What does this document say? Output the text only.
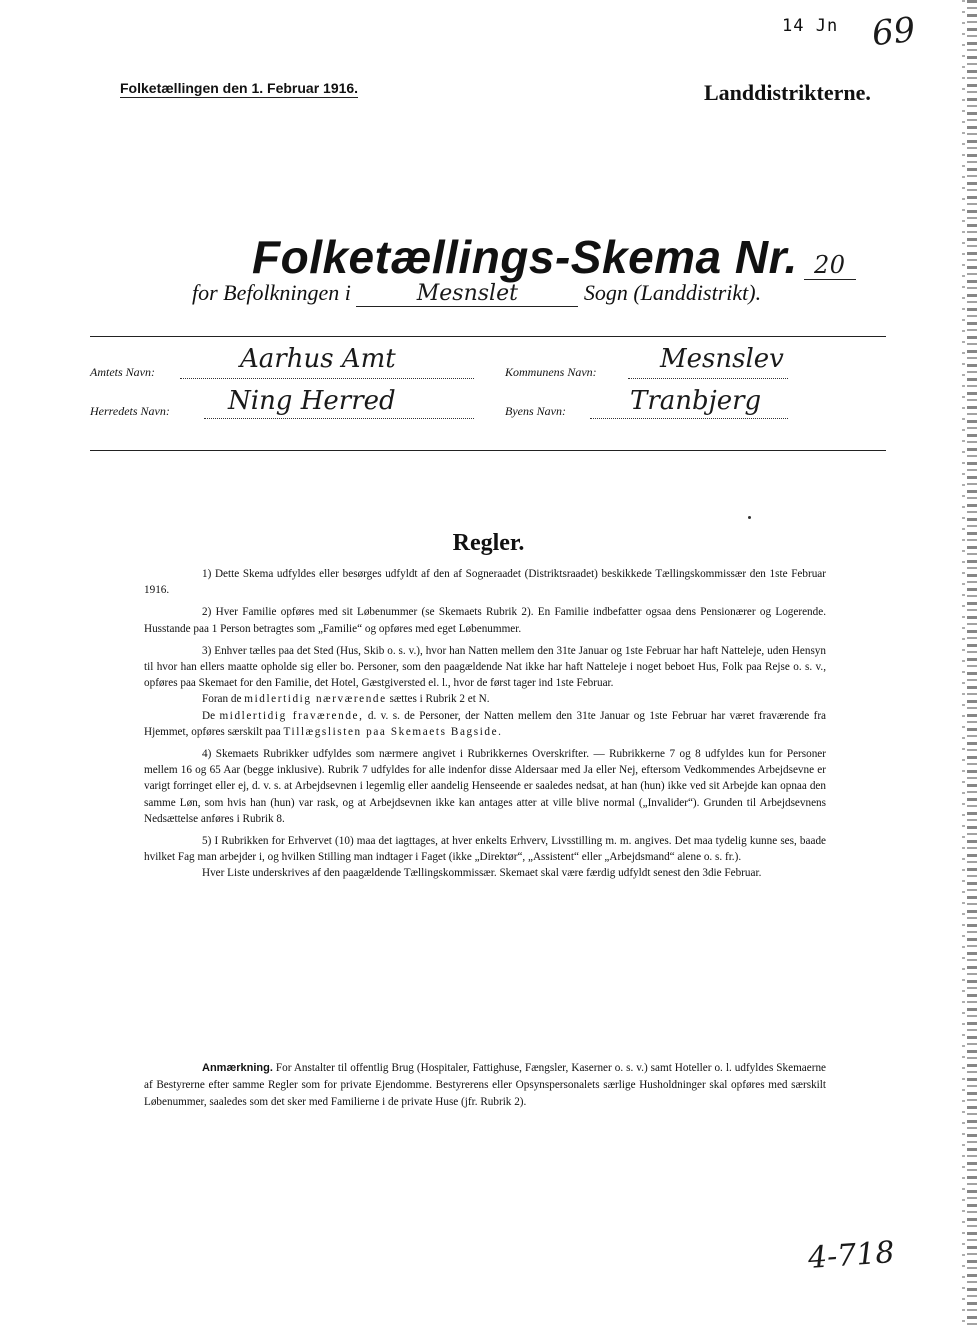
14 Jn 69
Folketællingen den 1. Februar 1916.	Landdistrikterne.
Folketællings-Skema Nr. 20
for Befolkningen i	Mesnslet	Sogn (Landdistrikt).
Amtets Navn:	Aarhus Amt	Kommunens Navn: Mesnslev
Herredets Navn: Ning Herred	Byens Navn: Tranbjerg
Regler.

1) Dette Skema udfyldes eller besørges udfyldt af den af Sogneraadet (Distriktsraadet) beskikkede Tællingskommissær den 1ste Februar 1916.

2) Hver Familie opføres med sit Løbenummer (se Skemaets Rubrik 2). En Familie indbefatter ogsaa dens Pensionærer og Logerende. Husstande paa 1 Person betragtes som „Familie“ og opføres med eget Løbenummer.

3) Enhver tælles paa det Sted (Hus, Skib o. s. v.), hvor han Natten mellem den 31te Januar og 1ste Februar har haft Natteleje, uden Hensyn til hvor han ellers maatte opholde sig eller bo. Personer, som den paagældende Nat ikke har haft Natteleje i noget beboet Hus, Folk paa Rejse o. s. v., opføres paa Skemaet for den Familie, det Hotel, Gæstgiversted el. l., hvor de først tager ind 1ste Februar.

Foran de midlertidig nærværende sættes i Rubrik 2 et N.

De midlertidig fraværende, d. v. s. de Personer, der Natten mellem den 31te Januar og 1ste Februar har været fraværende fra Hjemmet, opføres særskilt paa Tillægslisten paa Skemaets Bagside.

4) Skemaets Rubrikker udfyldes som nærmere angivet i Rubrikkernes Overskrifter. — Rubrikkerne 7 og 8 udfyldes kun for Personer mellem 16 og 65 Aar (begge inklusive). Rubrik 7 udfyldes for alle indenfor disse Aldersaar med Ja eller Nej, eftersom Vedkommendes Arbejdsevne er varigt forringet eller ej, d. v. s. at Arbejdsevnen i legemlig eller aandelig Henseende er saaledes nedsat, at han (hun) ikke ved sit Arbejde kan opnaa den samme Løn, som hvis han (hun) var rask, og at Arbejdsevnen ikke kan antages atter at ville blive normal („Invalider“). Grunden til Arbejdsevnens Nedsættelse anføres i Rubrik 8.

5) I Rubrikken for Erhvervet (10) maa det iagttages, at hver enkelts Erhverv, Livsstilling m. m. angives. Det maa tydelig kunne ses, baade hvilket Fag man arbejder i, og hvilken Stilling man indtager i Faget (ikke „Direktør“, „Assistent“ eller „Arbejdsmand“ alene o. s. fr.).

Hver Liste underskrives af den paagældende Tællingskommissær. Skemaet skal være færdig udfyldt senest den 3die Februar.

Anmærkning. For Anstalter til offentlig Brug (Hospitaler, Fattighuse, Fængsler, Kaserner o. s. v.) samt Hoteller o. l. udfyldes Skemaerne af Bestyrerne efter samme Regler som for private Ejendomme. Bestyrerens eller Opsynspersonalets særlige Husholdninger skal opføres med særskilt Løbenummer, saaledes som det sker med Familierne i de private Huse (jfr. Rubrik 2).
4-718
